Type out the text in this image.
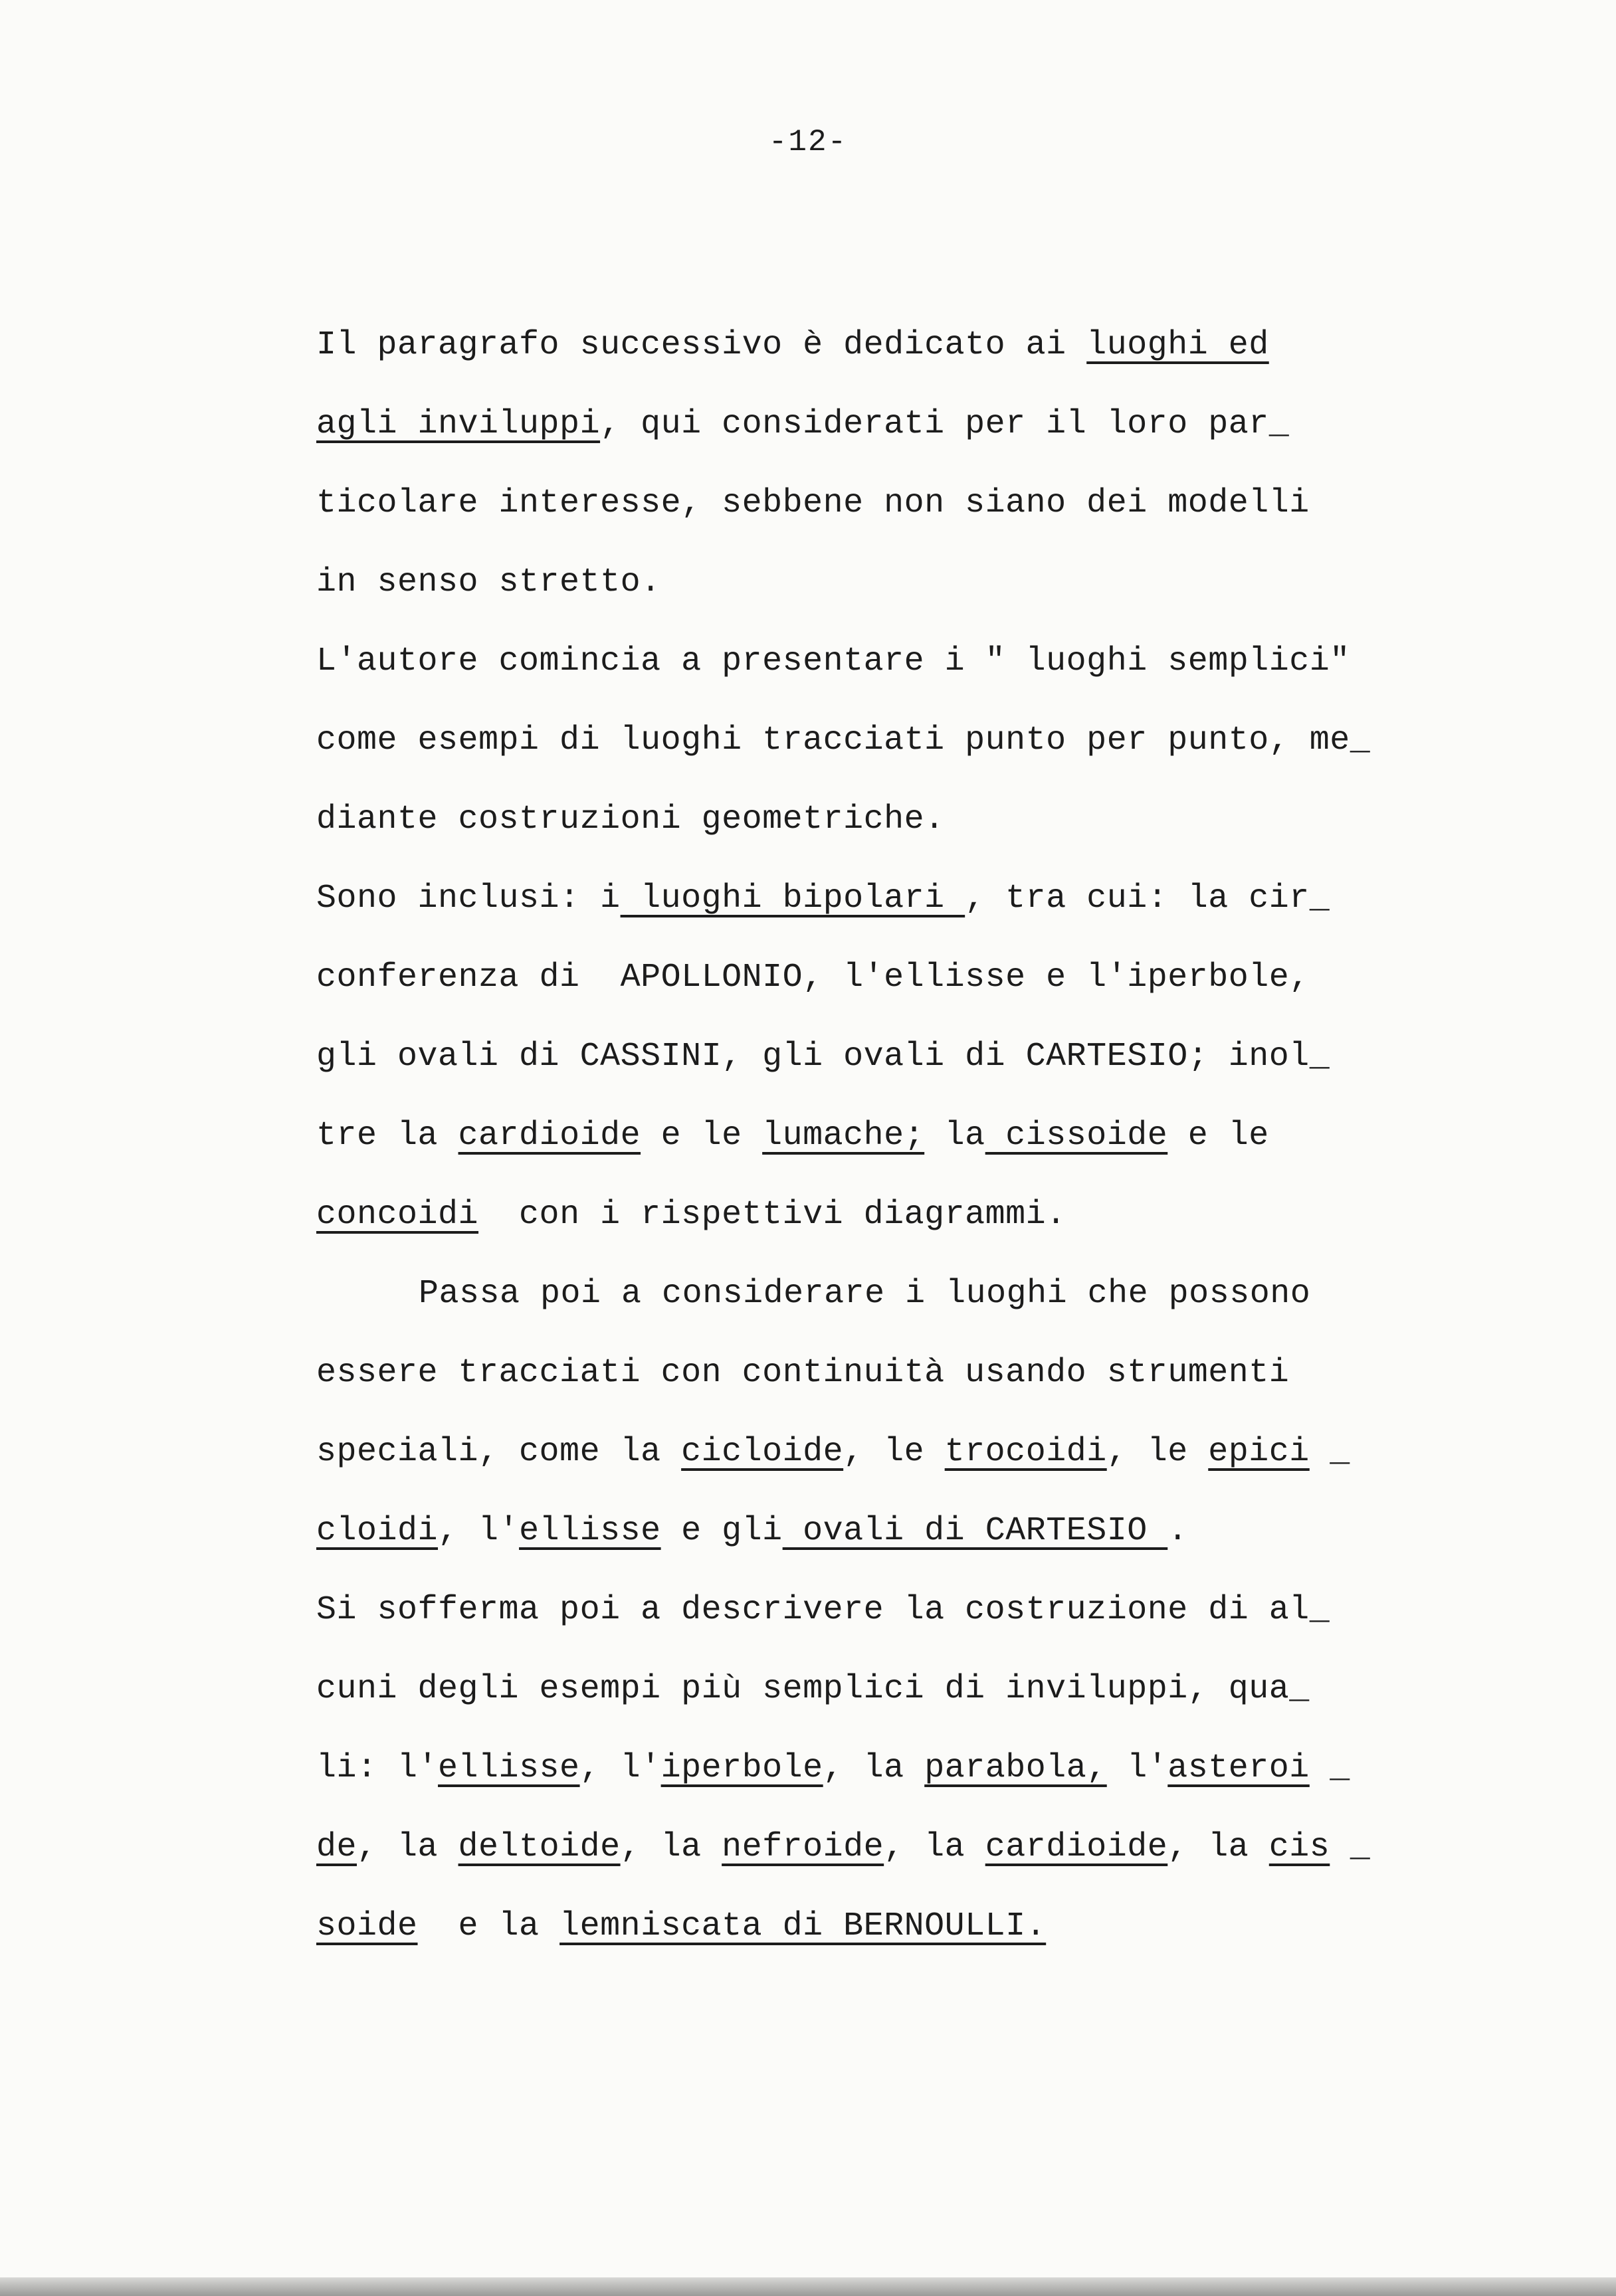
-12-
Il paragrafo successivo è dedicato ai luoghi ed
agli inviluppi, qui considerati per il loro par_
ticolare interesse, sebbene non siano dei modelli
in senso stretto.
L'autore comincia a presentare i " luoghi semplici"
come esempi di luoghi tracciati punto per punto, me_
diante costruzioni geometriche.
Sono inclusi: i luoghi bipolari , tra cui: la cir_
conferenza di  APOLLONIO, l'ellisse e l'iperbole,
gli ovali di CASSINI, gli ovali di CARTESIO; inol_
tre la cardioide e le lumache; la cissoide e le
concoidi  con i rispettivi diagrammi.
Passa poi a considerare i luoghi che possono
essere tracciati con continuità usando strumenti
speciali, come la cicloide, le trocoidi, le epici _
cloidi, l'ellisse e gli ovali di CARTESIO .
Si sofferma poi a descrivere la costruzione di al_
cuni degli esempi più semplici di inviluppi, qua_
li: l'ellisse, l'iperbole, la parabola, l'asteroi _
de, la deltoide, la nefroide, la cardioide, la cis _
soide  e la lemniscata di BERNOULLI.
